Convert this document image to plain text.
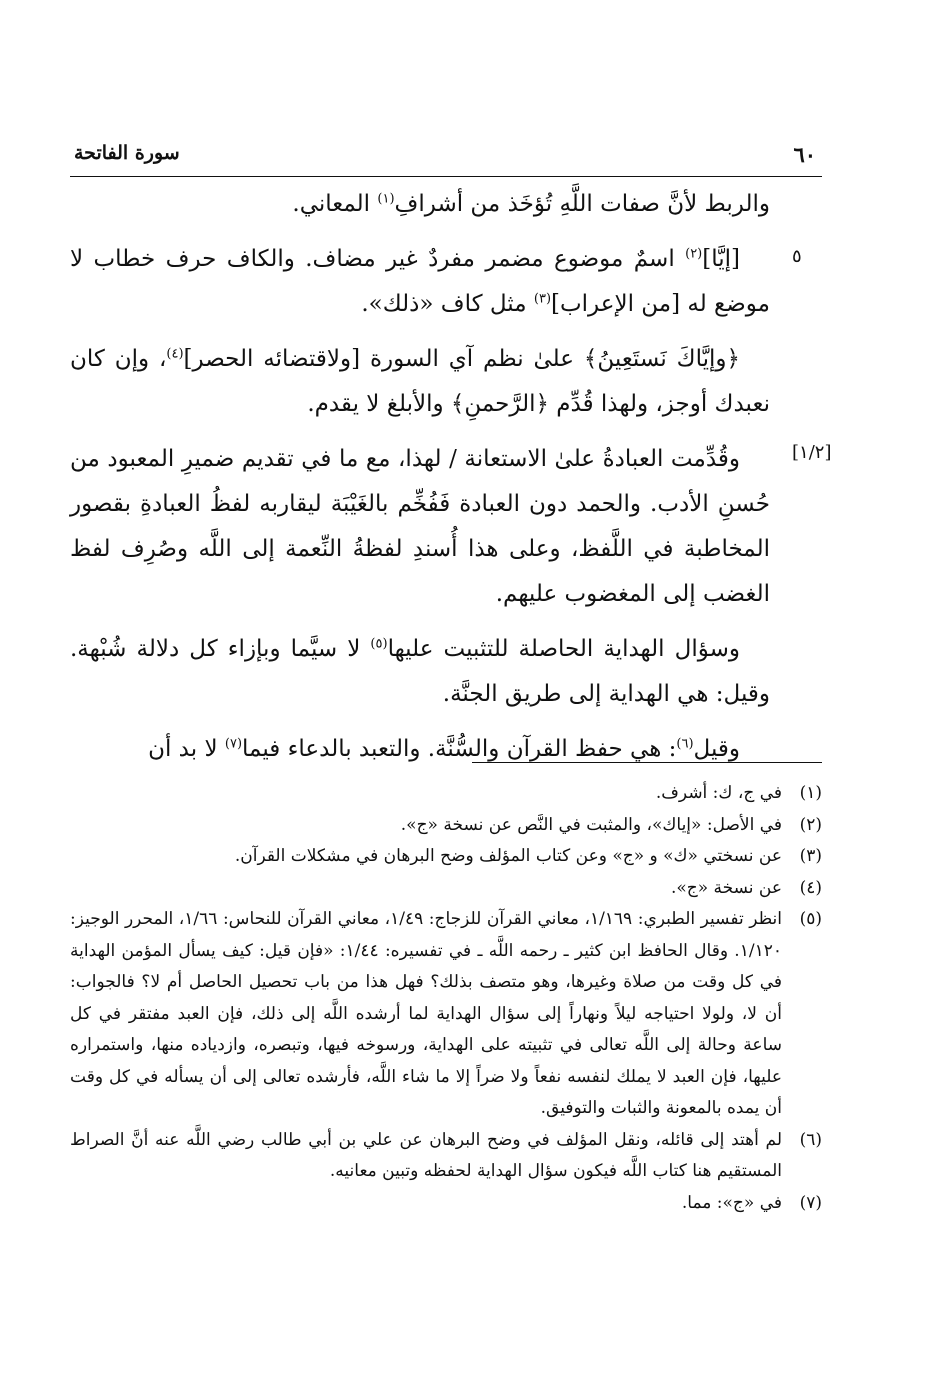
٦٠
سورة الفاتحة
٥
[١/٢]

والربط لأنَّ صفات اللَّهِ تُؤخَذ من أشرافِ$^{(١)}$ المعاني.

[إيَّا]$^{(٢)}$ اسمٌ موضوع مضمر مفردٌ غير مضاف. والكاف حرف خطاب لا موضع له [من الإعراب]$^{(٣)}$ مثل كاف «ذلك».

﴿وإيَّاكَ نَستَعِينُ﴾ علىٰ نظم آي السورة [ولاقتضائه الحصر]$^{(٤)}$، وإن كان نعبدك أوجز، ولهذا قُدِّم ﴿الرَّحمنِ﴾ والأبلغ لا يقدم.

وقُدِّمت العبادةُ علىٰ الاستعانة / لهذا، مع ما في تقديم ضميرِ المعبود من حُسنِ الأدب. والحمد دون العبادة فَفُخِّم بالغَيْبَة ليقاربه لفظُ العبادةِ بقصور المخاطبة في اللَّفظ، وعلى هذا أُسندِ لفظةُ النِّعمة إلى اللَّه وصُرِف لفظ الغضب إلى المغضوب عليهم.

وسؤال الهداية الحاصلة للتثبيت عليها$^{(٥)}$ لا سيَّما وبإزاء كل دلالة شُبْهة. وقيل: هي الهداية إلى طريق الجنَّة.

وقيل$^{(٦)}$: هي حفظ القرآن والسُّنَّة. والتعبد بالدعاء فيما$^{(٧)}$ لا بد أن

(١)
في ج، ك: أشرف.
(٢)
في الأصل: «إياك»، والمثبت في النَّص عن نسخة «ج».
(٣)
عن نسختي «ك» و «ج» وعن كتاب المؤلف وضح البرهان في مشكلات القرآن.
(٤)
عن نسخة «ج».
(٥)
انظر تفسير الطبري: ١/١٦٩، معاني القرآن للزجاج: ١/٤٩، معاني القرآن للنحاس: ١/٦٦، المحرر الوجيز: ١/١٢٠. وقال الحافظ ابن كثير ـ رحمه اللَّه ـ في تفسيره: ١/٤٤: «فإن قيل: كيف يسأل المؤمن الهداية في كل وقت من صلاة وغيرها، وهو متصف بذلك؟ فهل هذا من باب تحصيل الحاصل أم لا؟ فالجواب: أن لا، ولولا احتياجه ليلاً ونهاراً إلى سؤال الهداية لما أرشده اللَّه إلى ذلك، فإن العبد مفتقر في كل ساعة وحالة إلى اللَّه تعالى في تثبيته على الهداية، ورسوخه فيها، وتبصره، وازدياده منها، واستمراره عليها، فإن العبد لا يملك لنفسه نفعاً ولا ضراً إلا ما شاء اللَّه، فأرشده تعالى إلى أن يسأله في كل وقت أن يمده بالمعونة والثبات والتوفيق.
(٦)
لم أهتد إلى قائله، ونقل المؤلف في وضح البرهان عن علي بن أبي طالب رضي اللَّه عنه أنَّ الصراط المستقيم هنا كتاب اللَّه فيكون سؤال الهداية لحفظه وتبين معانيه.
(٧)
في «ج»: مما.
